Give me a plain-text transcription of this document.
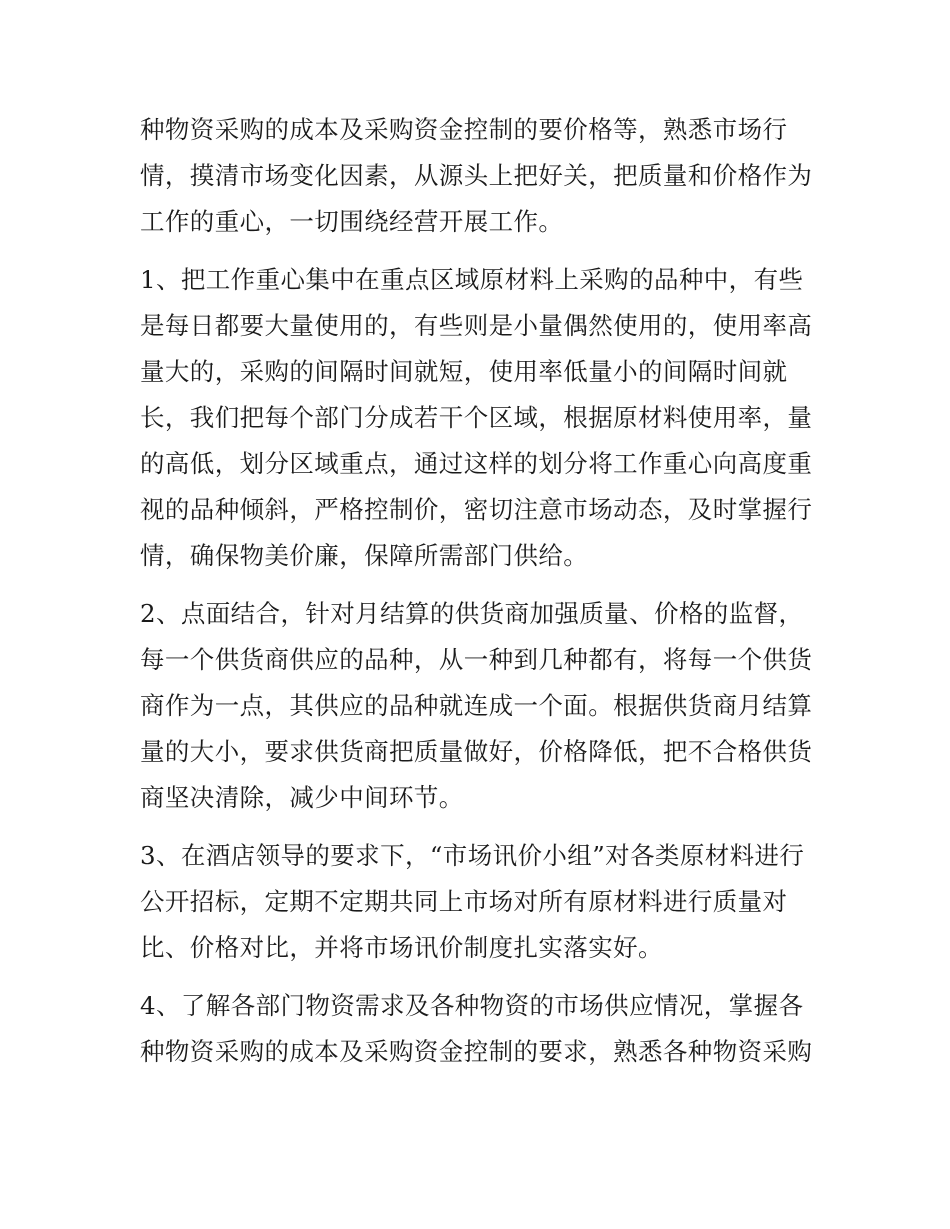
种物资采购的成本及采购资金控制的要价格等，熟悉市场行
情，摸清市场变化因素，从源头上把好关，把质量和价格作为
工作的重心，一切围绕经营开展工作。
1、把工作重心集中在重点区域原材料上采购的品种中，有些
是每日都要大量使用的，有些则是小量偶然使用的，使用率高
量大的，采购的间隔时间就短，使用率低量小的间隔时间就
长，我们把每个部门分成若干个区域，根据原材料使用率，量
的高低，划分区域重点，通过这样的划分将工作重心向高度重
视的品种倾斜，严格控制价，密切注意市场动态，及时掌握行
情，确保物美价廉，保障所需部门供给。
2、点面结合，针对月结算的供货商加强质量、价格的监督，
每一个供货商供应的品种，从一种到几种都有，将每一个供货
商作为一点，其供应的品种就连成一个面。根据供货商月结算
量的大小，要求供货商把质量做好，价格降低，把不合格供货
商坚决清除，减少中间环节。
3、在酒店领导的要求下，“市场讯价小组”对各类原材料进行
公开招标，定期不定期共同上市场对所有原材料进行质量对
比、价格对比，并将市场讯价制度扎实落实好。
4、了解各部门物资需求及各种物资的市场供应情况，掌握各
种物资采购的成本及采购资金控制的要求，熟悉各种物资采购
